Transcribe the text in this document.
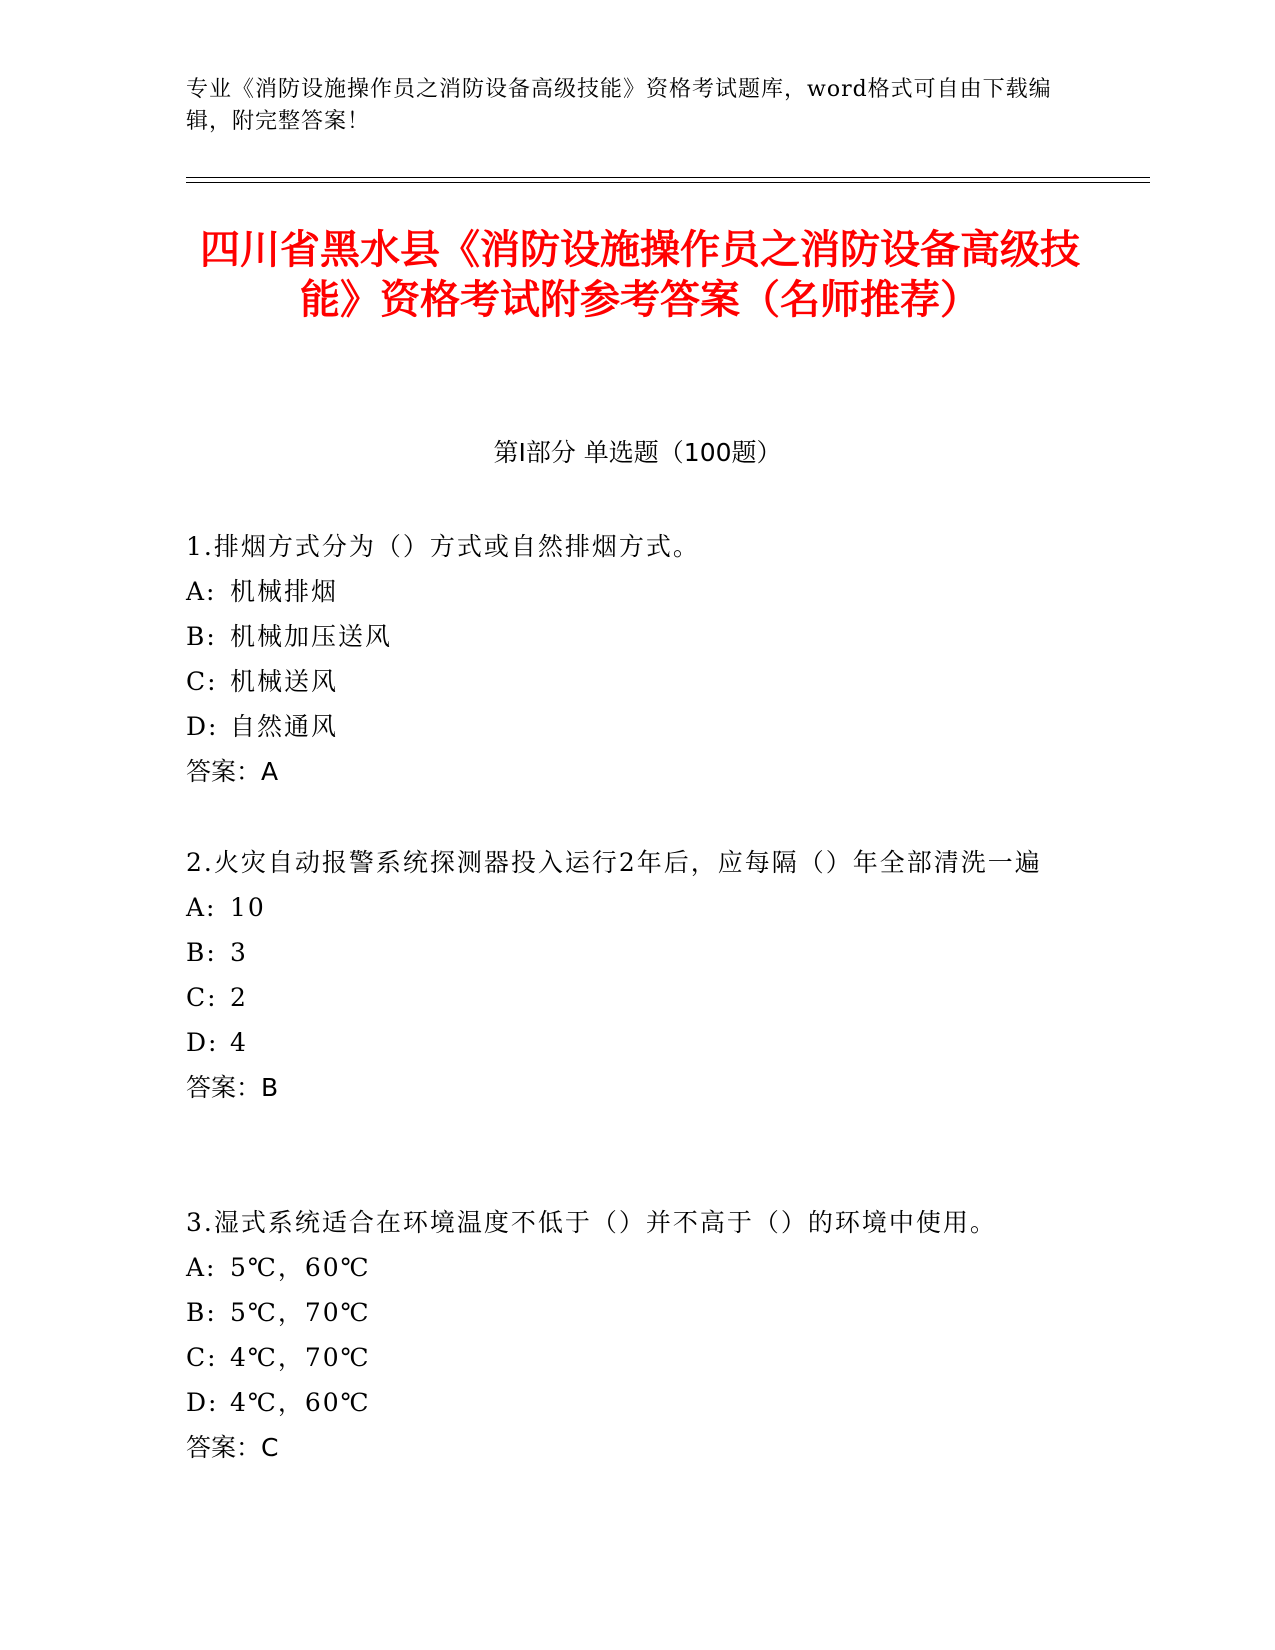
专业《消防设施操作员之消防设备高级技能》资格考试题库，word格式可自由下载编辑，附完整答案！
四川省黑水县《消防设施操作员之消防设备高级技能》资格考试附参考答案（名师推荐）
第Ⅰ部分 单选题（100题）

1.排烟方式分为（）方式或自然排烟方式。

A: 机械排烟

B: 机械加压送风

C: 机械送风

D: 自然通风

答案：A

2.火灾自动报警系统探测器投入运行2年后，应每隔（）年全部清洗一遍

A: 10

B: 3

C: 2

D: 4

答案：B

3.湿式系统适合在环境温度不低于（）并不高于（）的环境中使用。

A: 5℃，60℃

B: 5℃，70℃

C: 4℃，70℃

D: 4℃，60℃

答案：C
